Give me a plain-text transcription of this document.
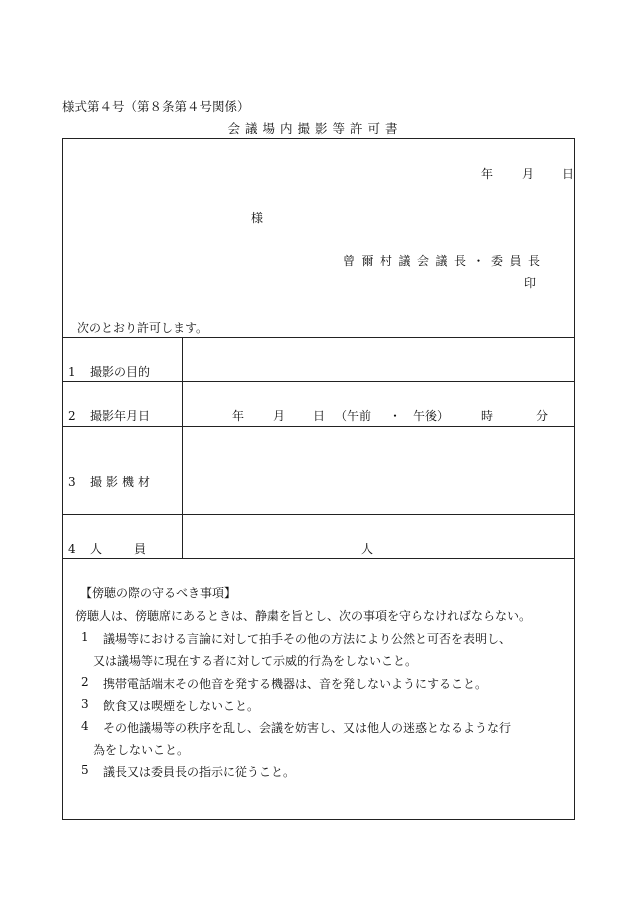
様式第４号（第８条第４号関係）
会議場内撮影等許可書
年 月 日
様
曾爾村議会議長・委員長
印
次のとおり許可します。
1 撮影の目的
2 撮影年月日
3 撮影機材
4 人　員
年 月 日 （午前 ・ 午後）	時	分
人
【傍聴の際の守るべき事項】
傍聴人は、傍聴席にあるときは、静粛を旨とし、次の事項を守らなければならない。
1 議場等における言論に対して拍手その他の方法により公然と可否を表明し、
又は議場等に現在する者に対して示威的行為をしないこと。
2 携帯電話端末その他音を発する機器は、音を発しないようにすること。
3 飲食又は喫煙をしないこと。
4 その他議場等の秩序を乱し、会議を妨害し、又は他人の迷惑となるような行
為をしないこと。
5 議長又は委員長の指示に従うこと。
